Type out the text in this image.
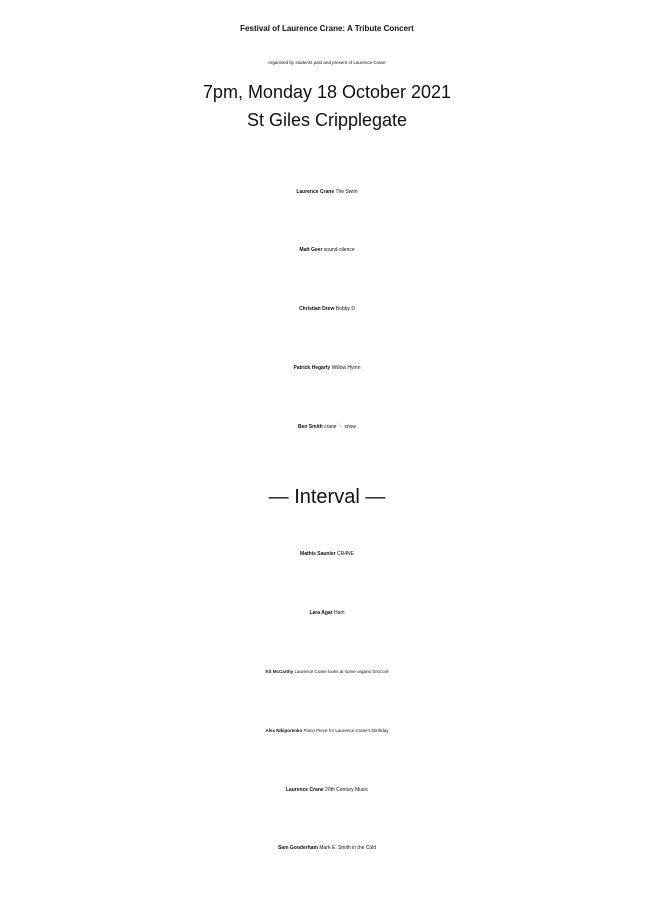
Festival of Laurence Crane: A Tribute Concert
organised by students past and present of Laurence Crane
7pm, Monday 18 October 2021
St Giles Cripplegate
Laurence Crane The Swim
Matt Geer sound-silence
Christian Drew Bobby D
Patrick Hegarty Willow Hymn
Ben Smith crane ＼ snow
— Interval —
Mathis Saunier CR4NE
Lara Agar Ham
Kit McCarthy Laurence Crane looks at some organic broccoli
Alex Nikiporenko Piano Piece for Laurence Crane's Birthday
Laurence Crane 20th Century Music
Sam Gooderham Mark E. Smith in the Cold
